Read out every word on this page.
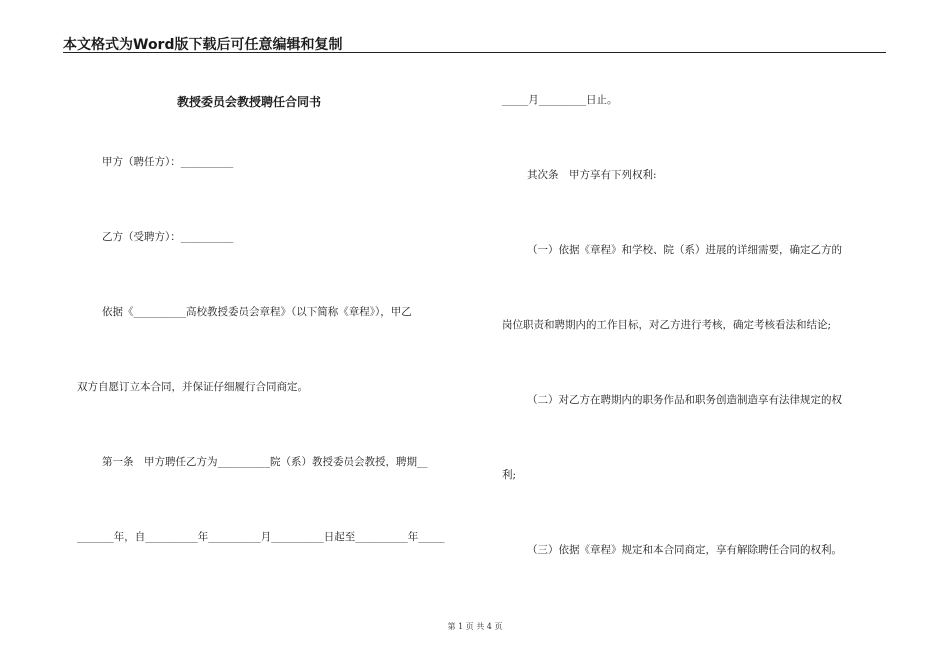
本文格式为Word版下载后可任意编辑和复制
教授委员会教授聘任合同书
甲方（聘任方）：__________
乙方（受聘方）：__________
依据《__________高校教授委员会章程》（以下简称《章程》），甲乙
双方自愿订立本合同，并保证仔细履行合同商定。
第一条　甲方聘任乙方为__________院（系）教授委员会教授，聘期__
_______年，自__________年__________月__________日起至__________年_____
_____月_________日止。
其次条　甲方享有下列权利:
（一）依据《章程》和学校、院（系）进展的详细需要，确定乙方的
岗位职责和聘期内的工作目标，对乙方进行考核，确定考核看法和结论;
（二）对乙方在聘期内的职务作品和职务创造制造享有法律规定的权
利;
（三）依据《章程》规定和本合同商定，享有解除聘任合同的权利。
第 1 页 共 4 页
